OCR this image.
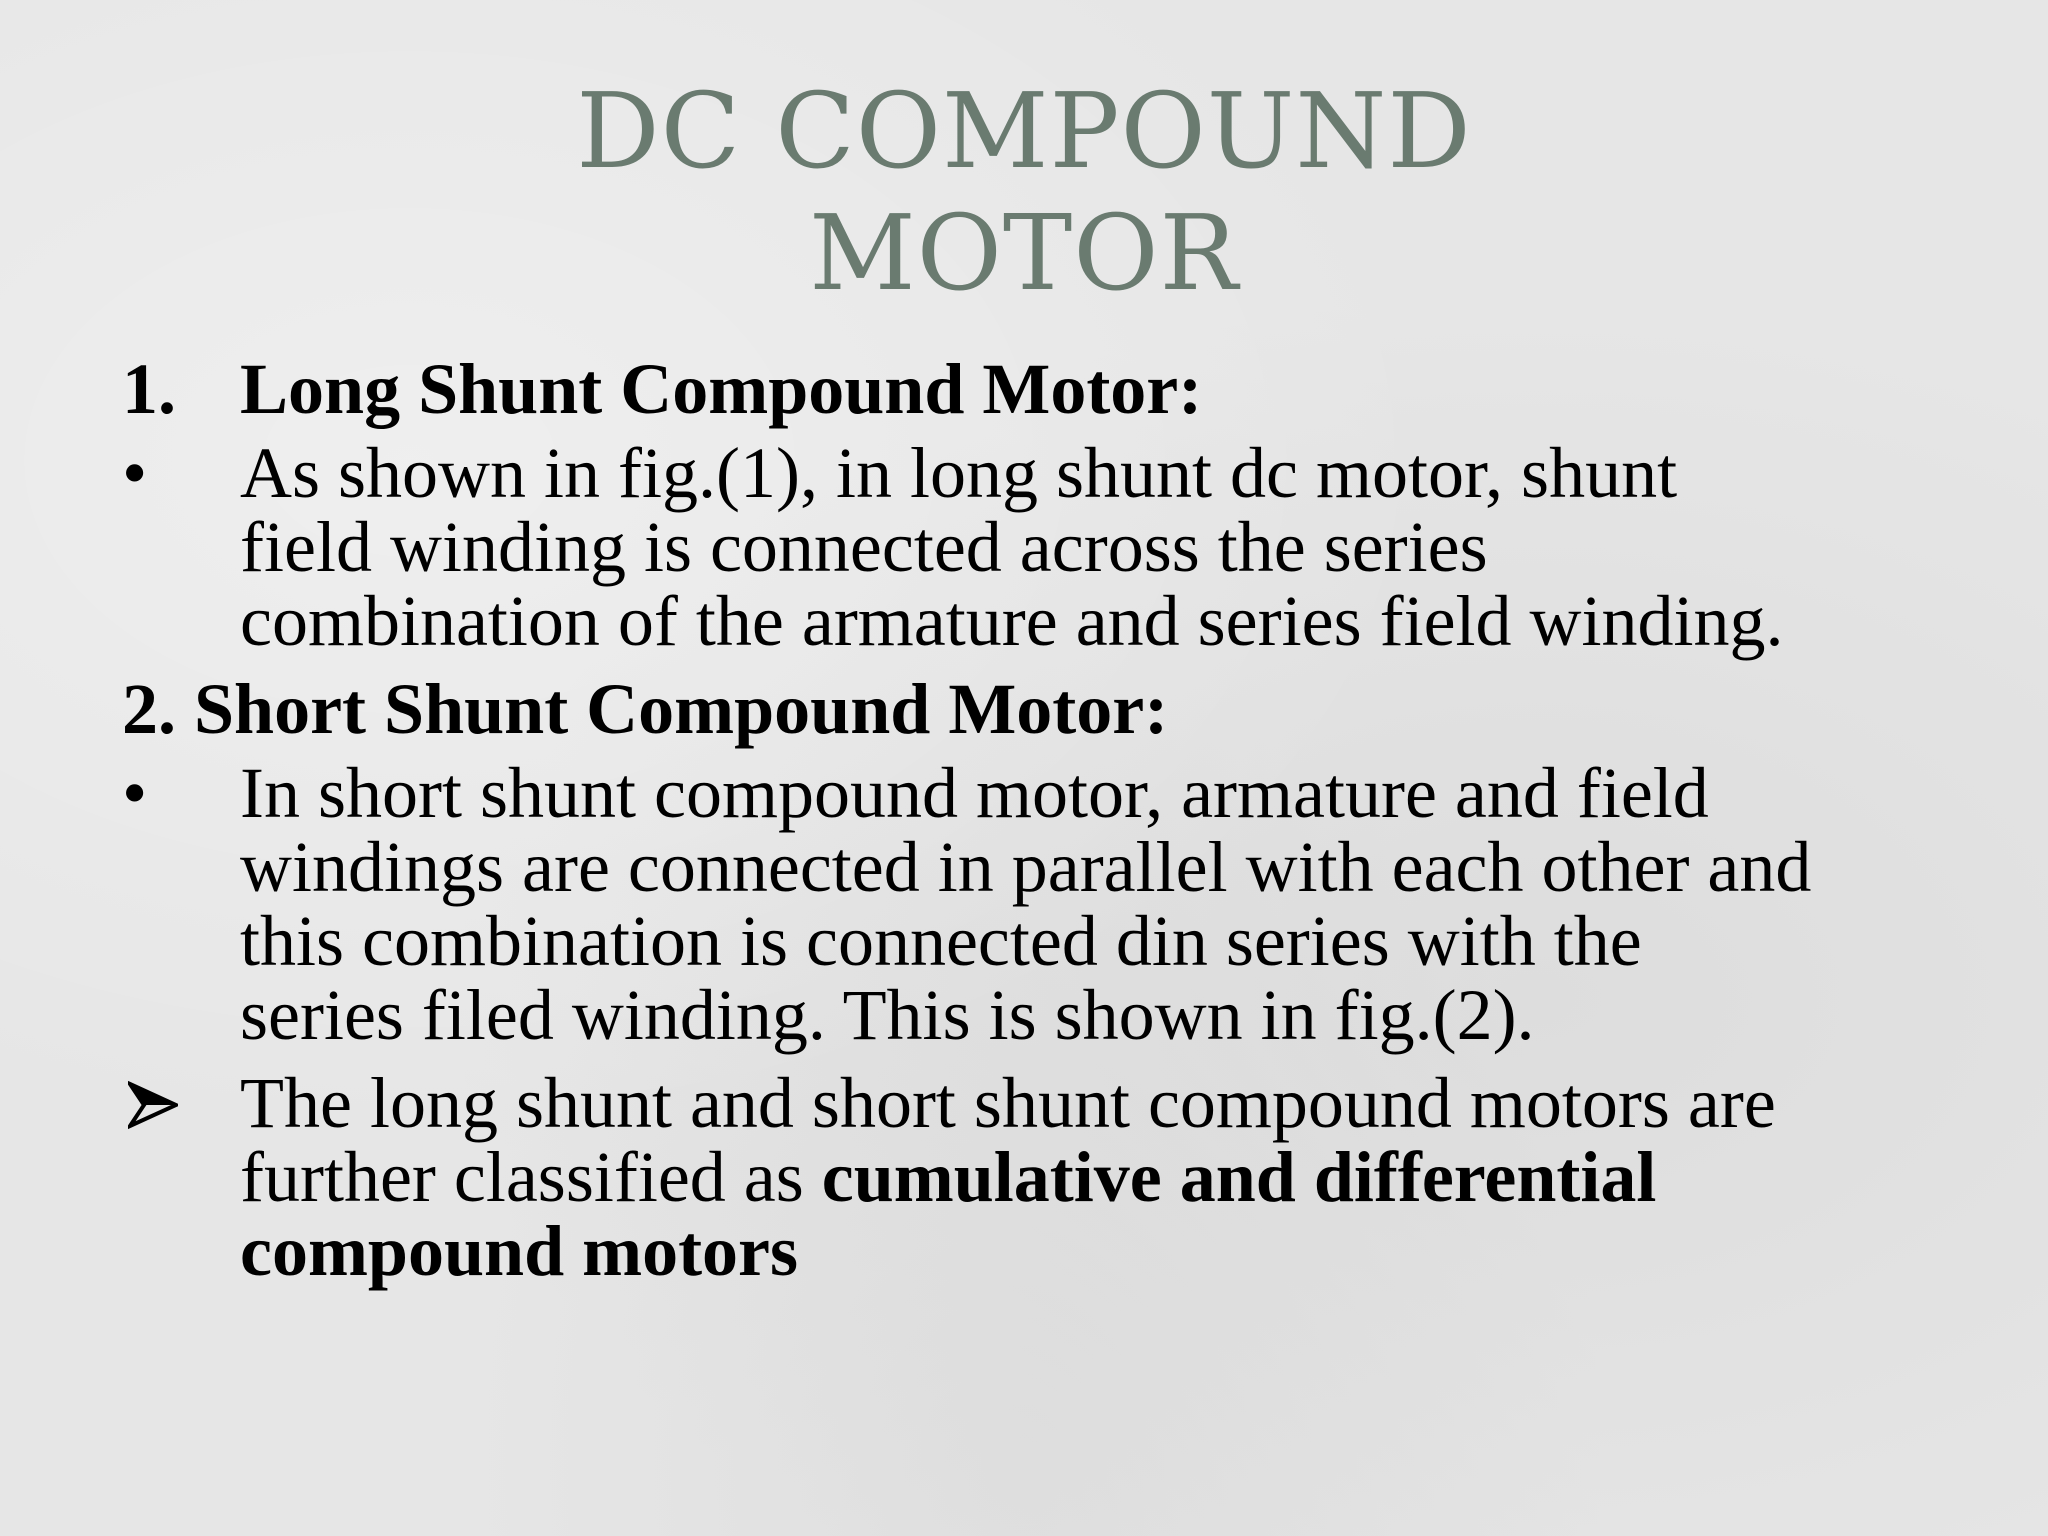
DC COMPOUND
MOTOR
1. Long Shunt Compound Motor:
• As shown in fig.(1), in long shunt dc motor, shunt
field winding is connected across the series
combination of the armature and series field winding.
2. Short Shunt Compound Motor:
• In short shunt compound motor, armature and field
windings are connected in parallel with each other and
this combination is connected din series with the
series filed winding. This is shown in fig.(2).
The long shunt and short shunt compound motors are
further classified as cumulative and differential
compound motors
